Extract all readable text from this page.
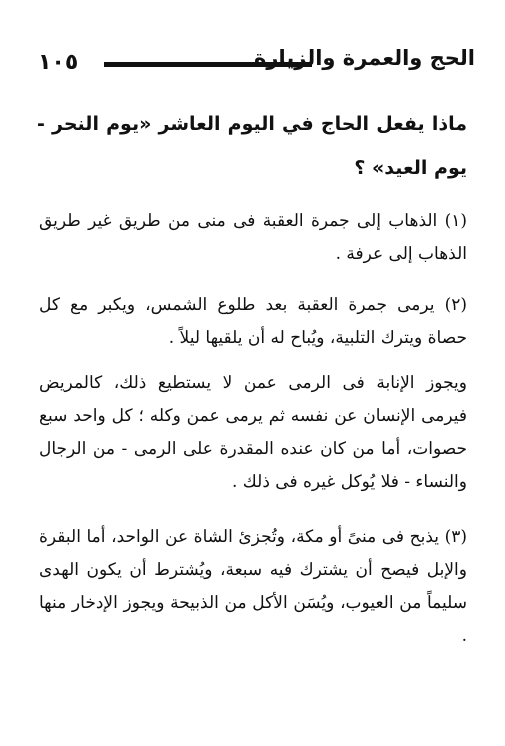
١٠٥	الحج والعمرة والزيارة
ماذا يفعل الحاج في اليوم العاشر «يوم النحر - يوم العيد» ؟

(١) الذهاب إلى جمرة العقبة فى منى من طريق غير طريق الذهاب إلى عرفة .

(٢) يرمى جمرة العقبة بعد طلوع الشمس، ويكبر مع كل حصاة ويترك التلبية، ويُباح له أن يلقيها ليلاً .

ويجوز الإنابة فى الرمى عمن لا يستطيع ذلك، كالمريض فيرمى الإنسان عن نفسه ثم يرمى عمن وكله ؛ كل واحد سبع حصوات، أما من كان عنده المقدرة على الرمى - من الرجال والنساء - فلا يُوكل غيره فى ذلك .

(٣) يذبح فى منىً أو مكة، وتُجزئ الشاة عن الواحد، أما البقرة والإبل فيصح أن يشترك فيه سبعة، ويُشترط أن يكون الهدى سليماً من العيوب، ويُسَن الأكل من الذبيحة ويجوز الإدخار منها .
